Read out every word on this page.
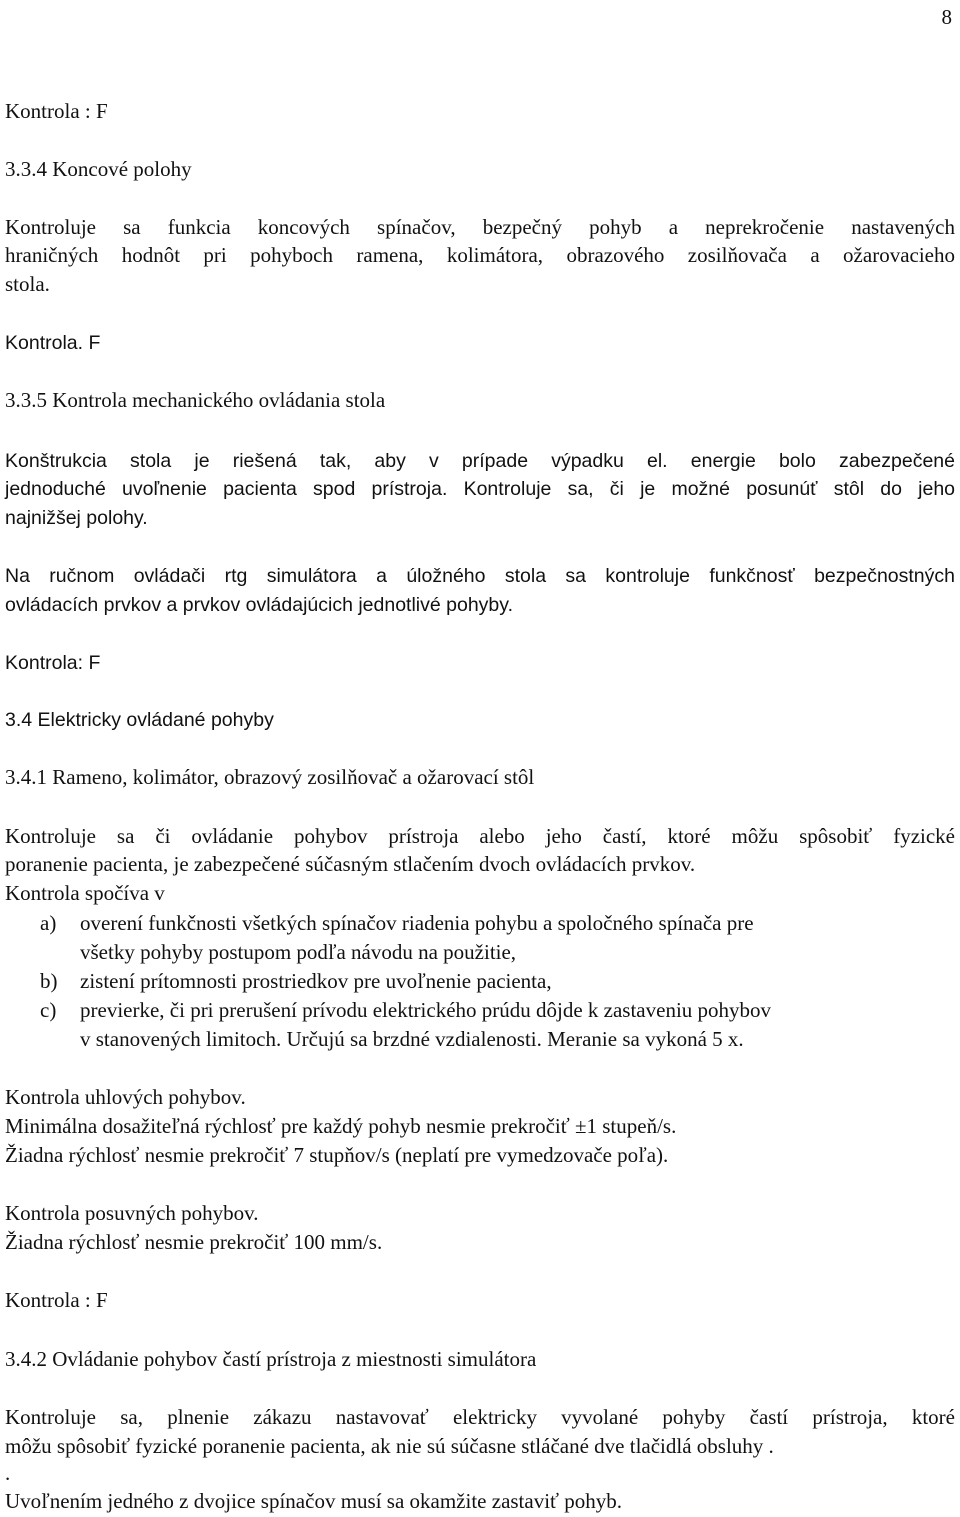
8
Kontrola : F
3.3.4 Koncové polohy
Kontroluje sa funkcia koncových spínačov, bezpečný pohyb a neprekročenie nastavených
hraničných hodnôt pri pohyboch ramena, kolimátora, obrazového zosilňovača a ožarovacieho
stola.
Kontrola. F
3.3.5 Kontrola mechanického ovládania stola
Konštrukcia stola je riešená tak, aby v prípade výpadku el. energie bolo zabezpečené
jednoduché uvoľnenie pacienta spod prístroja. Kontroluje sa, či je možné posunúť stôl do jeho
najnižšej polohy.
Na ručnom ovládači rtg simulátora a úložného stola sa kontroluje funkčnosť bezpečnostných
ovládacích prvkov a prvkov ovládajúcich jednotlivé pohyby.
Kontrola: F
3.4 Elektricky ovládané pohyby
3.4.1 Rameno, kolimátor, obrazový zosilňovač a ožarovací stôl
Kontroluje sa či ovládanie pohybov prístroja alebo jeho častí, ktoré môžu spôsobiť fyzické
poranenie pacienta, je zabezpečené súčasným stlačením dvoch ovládacích prvkov.
Kontrola spočíva v
a) overení funkčnosti všetkých spínačov riadenia pohybu a spoločného spínača pre
všetky pohyby postupom podľa návodu na použitie,
b) zistení prítomnosti prostriedkov pre uvoľnenie pacienta,
c) previerke, či pri prerušení prívodu elektrického prúdu dôjde k zastaveniu pohybov
v stanovených limitoch. Určujú sa brzdné vzdialenosti. Meranie sa vykoná 5 x.
Kontrola uhlových pohybov.
Minimálna dosažiteľná rýchlosť pre každý pohyb nesmie prekročiť ±1 stupeň/s.
Žiadna rýchlosť nesmie prekročiť 7 stupňov/s (neplatí pre vymedzovače poľa).
Kontrola posuvných pohybov.
Žiadna rýchlosť nesmie prekročiť 100 mm/s.
Kontrola : F
3.4.2 Ovládanie pohybov častí prístroja z miestnosti simulátora
Kontroluje sa, plnenie zákazu nastavovať elektricky vyvolané pohyby častí prístroja, ktoré
môžu spôsobiť fyzické poranenie pacienta, ak nie sú súčasne stláčané dve tlačidlá obsluhy .
.
Uvoľnením jedného z dvojice spínačov musí sa okamžite zastaviť pohyb.
